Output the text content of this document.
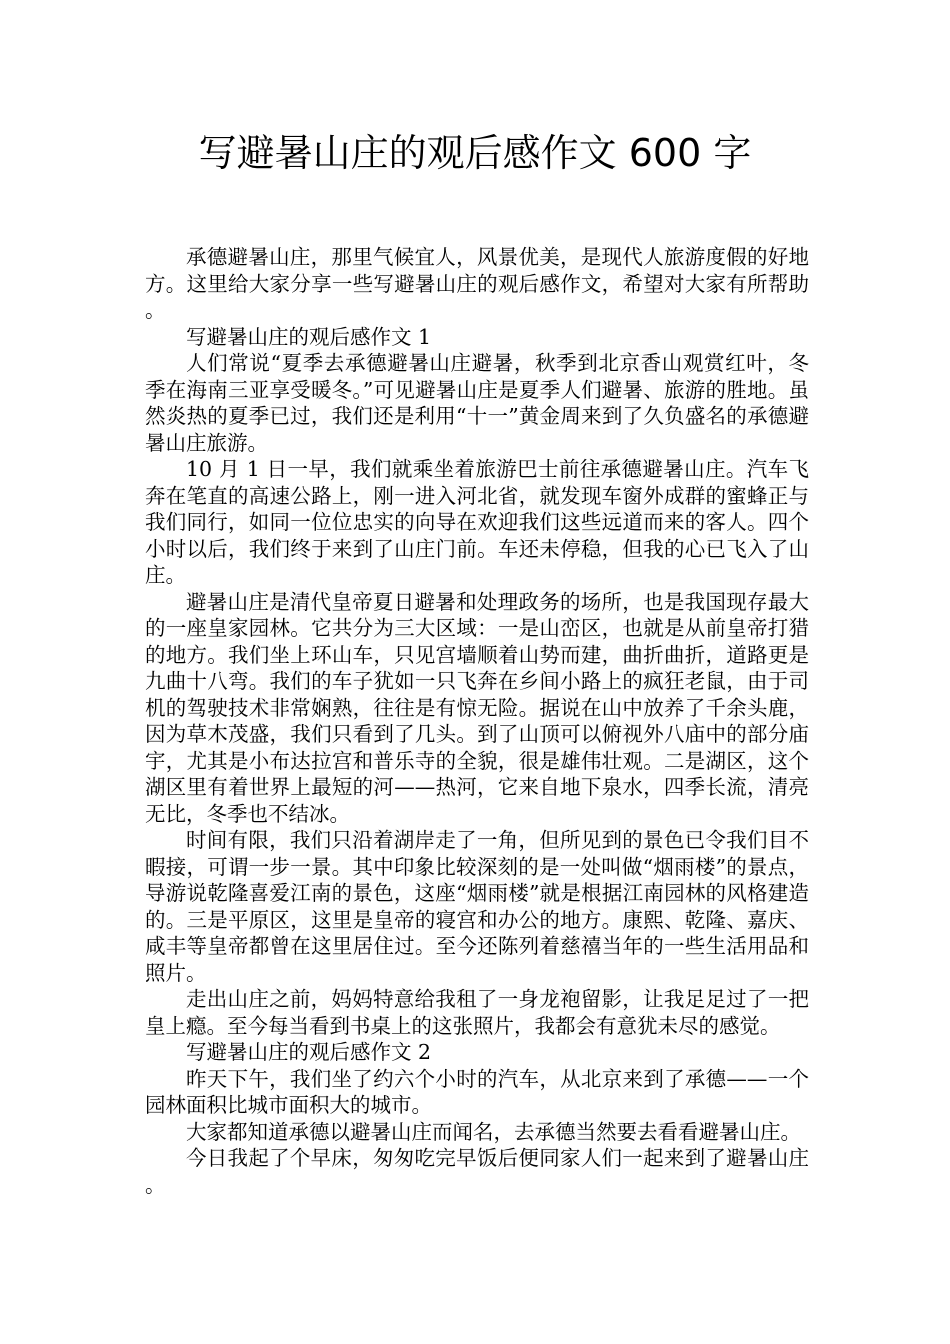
写避暑山庄的观后感作文 600 字

承德避暑山庄，那里气候宜人，风景优美，是现代人旅游度假的好地方。这里给大家分享一些写避暑山庄的观后感作文，希望对大家有所帮助。

写避暑山庄的观后感作文 1

人们常说“夏季去承德避暑山庄避暑，秋季到北京香山观赏红叶，冬季在海南三亚享受暖冬。”可见避暑山庄是夏季人们避暑、旅游的胜地。虽然炎热的夏季已过，我们还是利用“十一”黄金周来到了久负盛名的承德避暑山庄旅游。

10 月 1 日一早，我们就乘坐着旅游巴士前往承德避暑山庄。汽车飞奔在笔直的高速公路上，刚一进入河北省，就发现车窗外成群的蜜蜂正与我们同行，如同一位位忠实的向导在欢迎我们这些远道而来的客人。四个小时以后，我们终于来到了山庄门前。车还未停稳，但我的心已飞入了山庄。

避暑山庄是清代皇帝夏日避暑和处理政务的场所，也是我国现存最大的一座皇家园林。它共分为三大区域：一是山峦区，也就是从前皇帝打猎的地方。我们坐上环山车，只见宫墙顺着山势而建，曲折曲折，道路更是九曲十八弯。我们的车子犹如一只飞奔在乡间小路上的疯狂老鼠，由于司机的驾驶技术非常娴熟，往往是有惊无险。据说在山中放养了千余头鹿，因为草木茂盛，我们只看到了几头。到了山顶可以俯视外八庙中的部分庙宇，尤其是小布达拉宫和普乐寺的全貌，很是雄伟壮观。二是湖区，这个湖区里有着世界上最短的河——热河，它来自地下泉水，四季长流，清亮无比，冬季也不结冰。

时间有限，我们只沿着湖岸走了一角，但所见到的景色已令我们目不暇接，可谓一步一景。其中印象比较深刻的是一处叫做“烟雨楼”的景点，导游说乾隆喜爱江南的景色，这座“烟雨楼”就是根据江南园林的风格建造的。三是平原区，这里是皇帝的寝宫和办公的地方。康熙、乾隆、嘉庆、咸丰等皇帝都曾在这里居住过。至今还陈列着慈禧当年的一些生活用品和照片。

走出山庄之前，妈妈特意给我租了一身龙袍留影，让我足足过了一把皇上瘾。至今每当看到书桌上的这张照片，我都会有意犹未尽的感觉。

写避暑山庄的观后感作文 2

昨天下午，我们坐了约六个小时的汽车，从北京来到了承德——一个园林面积比城市面积大的城市。

大家都知道承德以避暑山庄而闻名，去承德当然要去看看避暑山庄。

今日我起了个早床，匆匆吃完早饭后便同家人们一起来到了避暑山庄。
